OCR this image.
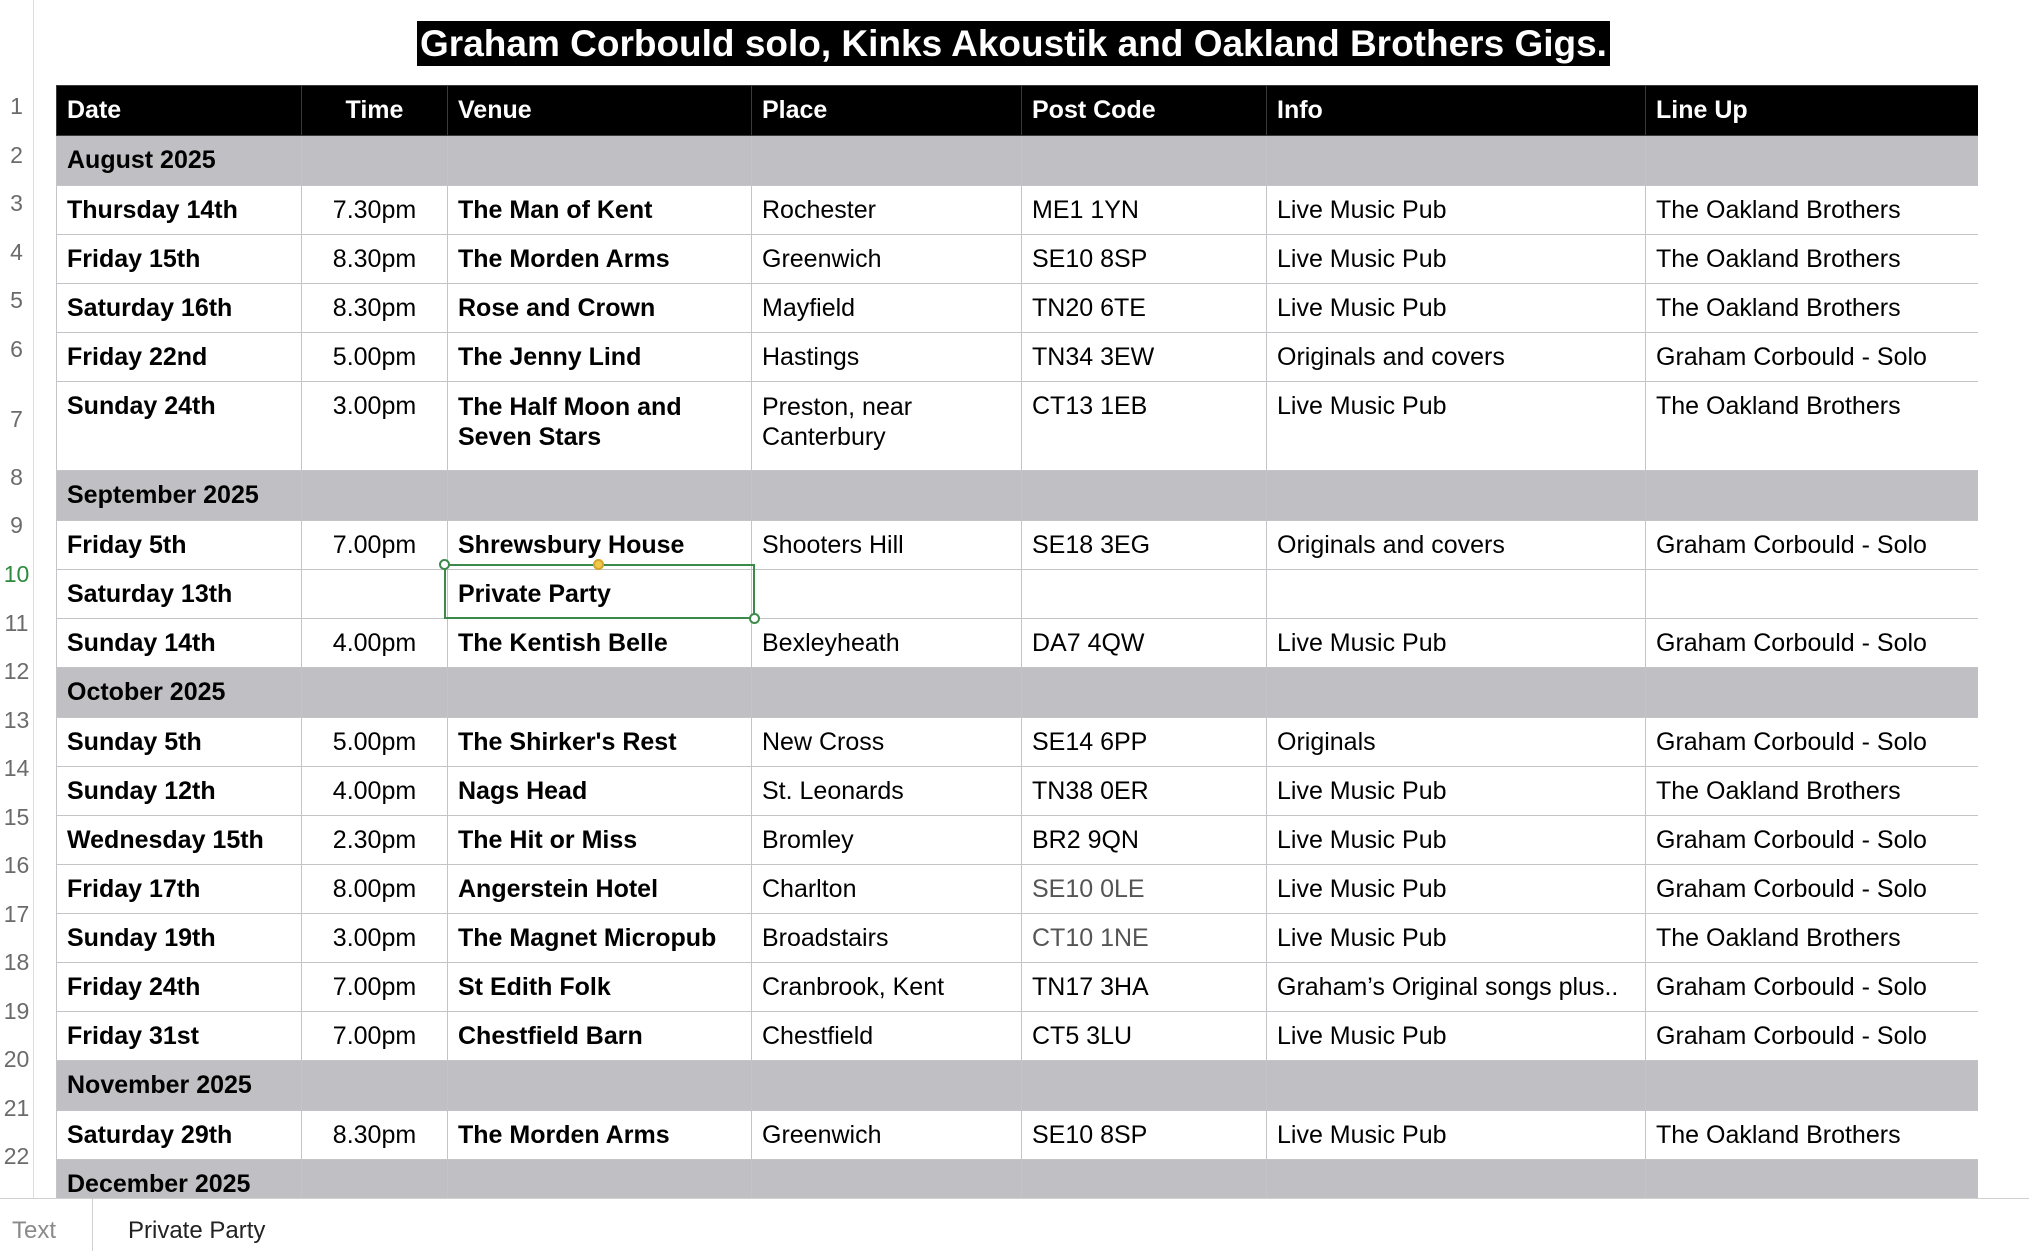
Graham Corbould solo, Kinks Akoustik and Oakland Brothers Gigs.
1
2
3
4
5
6
7
8
9
10
11
12
13
14
15
16
17
18
19
20
21
22
Date	Time	Venue	Place	Post Code	Info	Line Up
August 2025						
Thursday 14th	7.30pm	The Man of Kent	Rochester	ME1 1YN	Live Music Pub	The Oakland Brothers
Friday 15th	8.30pm	The Morden Arms	Greenwich	SE10 8SP	Live Music Pub	The Oakland Brothers
Saturday 16th	8.30pm	Rose and Crown	Mayfield	TN20 6TE	Live Music Pub	The Oakland Brothers
Friday 22nd	5.00pm	The Jenny Lind	Hastings	TN34 3EW	Originals and covers	Graham Corbould - Solo
Sunday 24th	3.00pm	The Half Moon and Seven Stars	Preston, near Canterbury	CT13 1EB	Live Music Pub	The Oakland Brothers
September 2025						
Friday 5th	7.00pm	Shrewsbury House	Shooters Hill	SE18 3EG	Originals and covers	Graham Corbould - Solo
Saturday 13th		Private Party				
Sunday 14th	4.00pm	The Kentish Belle	Bexleyheath	DA7 4QW	Live Music Pub	Graham Corbould - Solo
October 2025						
Sunday 5th	5.00pm	The Shirker's Rest	New Cross	SE14 6PP	Originals	Graham Corbould - Solo
Sunday 12th	4.00pm	Nags Head	St. Leonards	TN38 0ER	Live Music Pub	The Oakland Brothers
Wednesday 15th	2.30pm	The Hit or Miss	Bromley	BR2 9QN	Live Music Pub	Graham Corbould - Solo
Friday 17th	8.00pm	Angerstein Hotel	Charlton	SE10 0LE	Live Music Pub	Graham Corbould - Solo
Sunday 19th	3.00pm	The Magnet Micropub	Broadstairs	CT10 1NE	Live Music Pub	The Oakland Brothers
Friday 24th	7.00pm	St Edith Folk	Cranbrook, Kent	TN17 3HA	Graham’s Original songs plus..	Graham Corbould - Solo
Friday 31st	7.00pm	Chestfield Barn	Chestfield	CT5 3LU	Live Music Pub	Graham Corbould - Solo
November 2025						
Saturday 29th	8.30pm	The Morden Arms	Greenwich	SE10 8SP	Live Music Pub	The Oakland Brothers
December 2025						
Text	Private Party
